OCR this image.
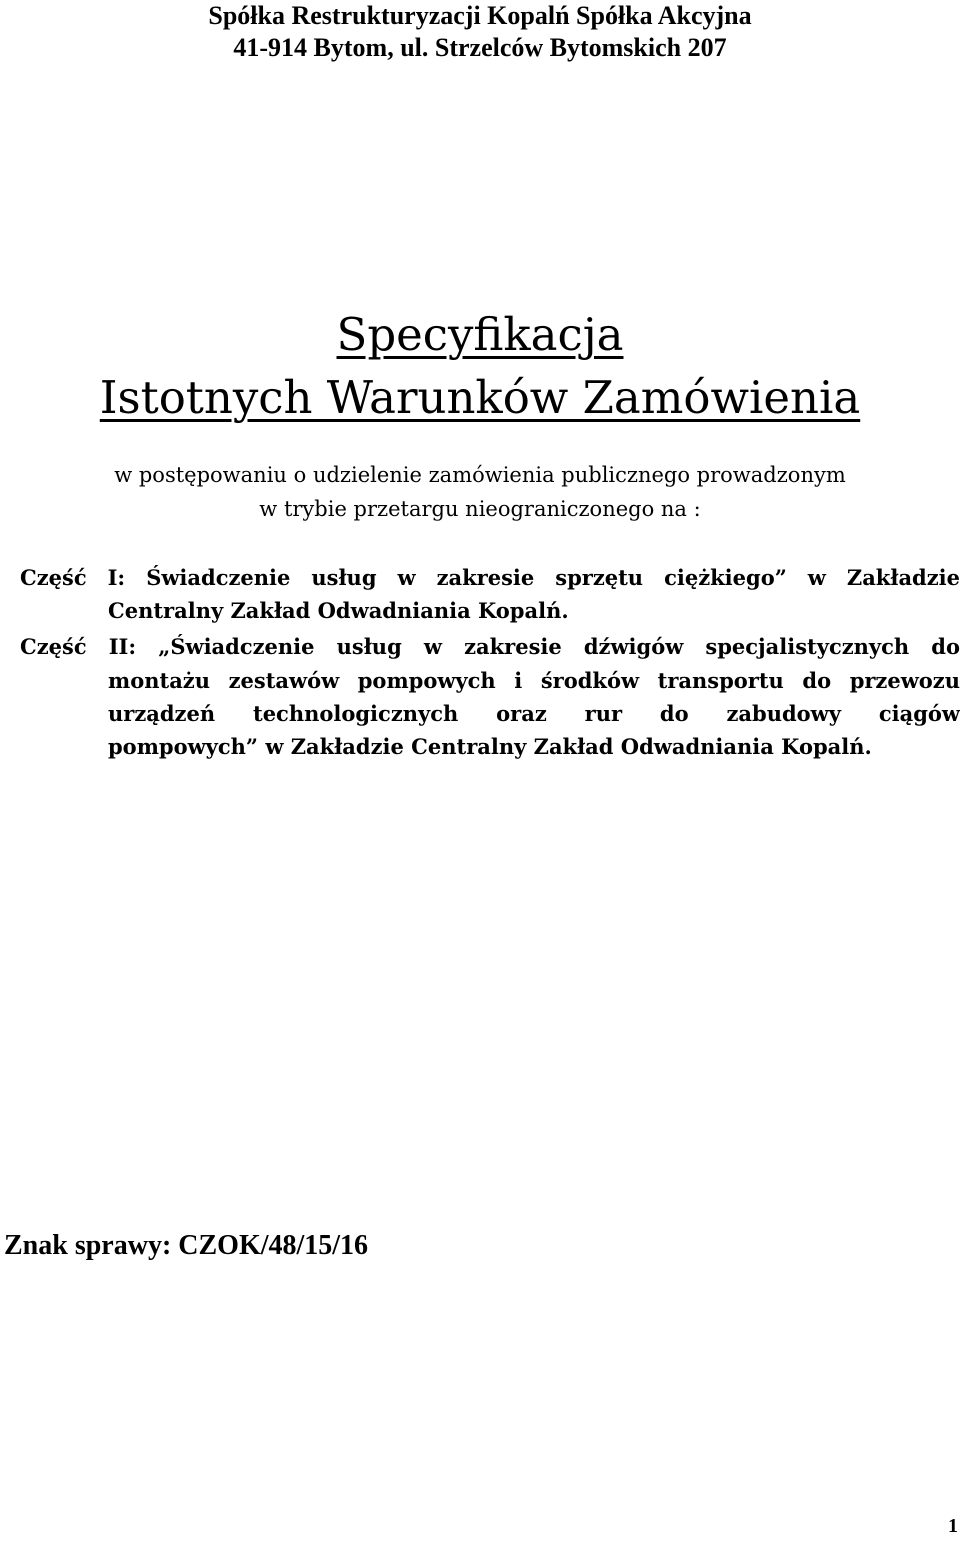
Spółka Restrukturyzacji Kopalń Spółka Akcyjna
41-914 Bytom, ul. Strzelców Bytomskich 207
Specyfikacja
Istotnych Warunków Zamówienia
w postępowaniu o udzielenie zamówienia publicznego prowadzonym
w trybie przetargu nieograniczonego na :
Część I: Świadczenie usług w zakresie sprzętu ciężkiego” w Zakładzie
Centralny Zakład Odwadniania Kopalń.
Część II: „Świadczenie usług w zakresie dźwigów specjalistycznych do
montażu zestawów pompowych i środków transportu do przewozu
urządzeń technologicznych oraz rur do zabudowy ciągów
pompowych” w Zakładzie Centralny Zakład Odwadniania Kopalń.
Znak sprawy: CZOK/48/15/16
1
